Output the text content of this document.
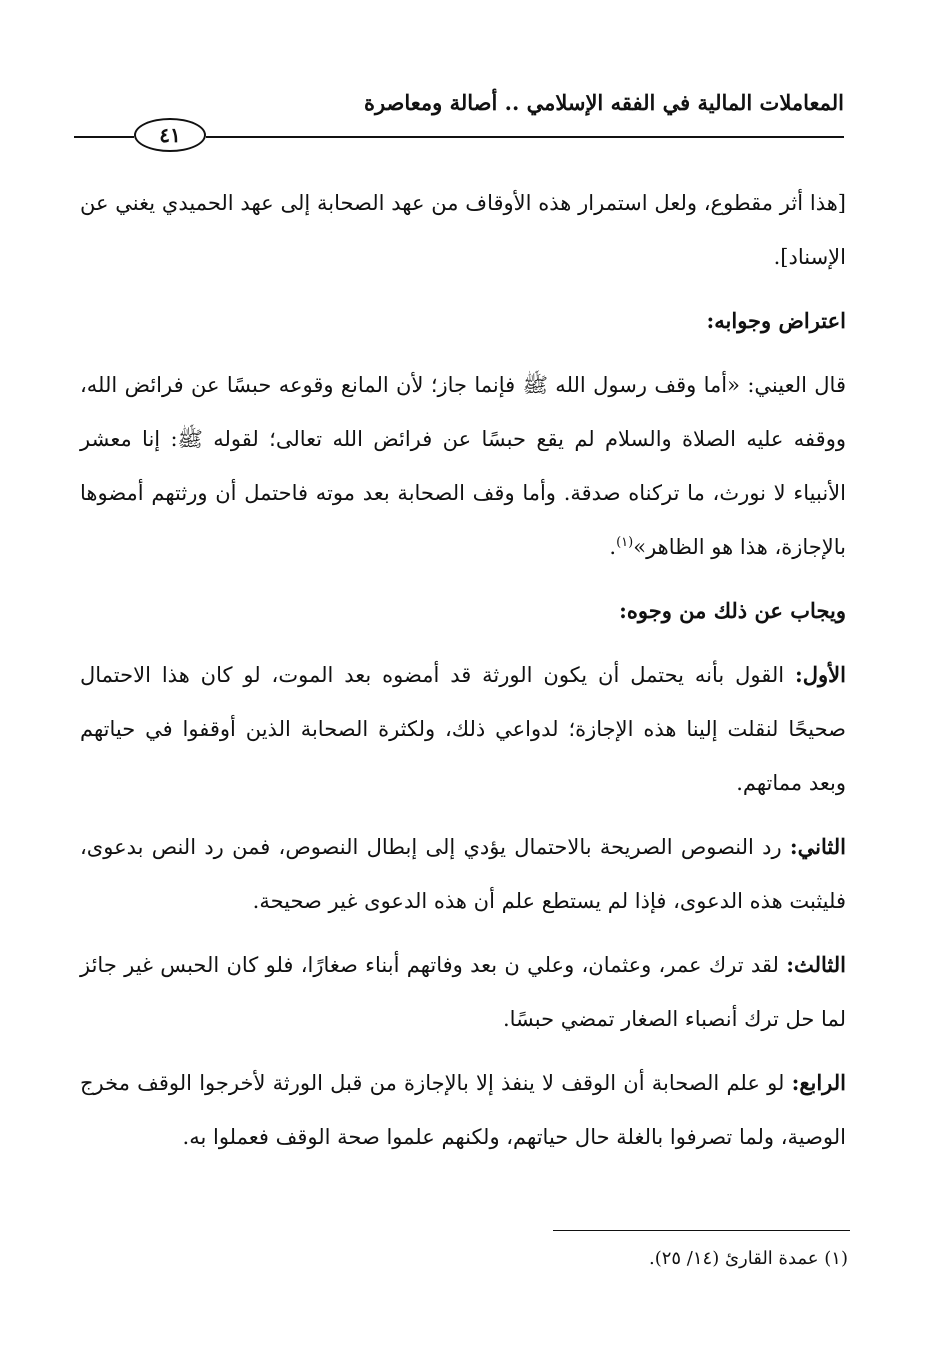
المعاملات المالية في الفقه الإسلامي .. أصالة ومعاصرة
٤١

[هذا أثر مقطوع، ولعل استمرار هذه الأوقاف من عهد الصحابة إلى عهد الحميدي يغني عن الإسناد].

اعتراض وجوابه:

قال العيني: «أما وقف رسول الله ﷺ فإنما جاز؛ لأن المانع وقوعه حبسًا عن فرائض الله، ووقفه عليه الصلاة والسلام لم يقع حبسًا عن فرائض الله تعالى؛ لقوله ﷺ: إنا معشر الأنبياء لا نورث، ما تركناه صدقة. وأما وقف الصحابة بعد موته فاحتمل أن ورثتهم أمضوها بالإجازة، هذا هو الظاهر»$^{(١)}$.

ويجاب عن ذلك من وجوه:

الأول: القول بأنه يحتمل أن يكون الورثة قد أمضوه بعد الموت، لو كان هذا الاحتمال صحيحًا لنقلت إلينا هذه الإجازة؛ لدواعي ذلك، ولكثرة الصحابة الذين أوقفوا في حياتهم وبعد مماتهم.

الثاني: رد النصوص الصريحة بالاحتمال يؤدي إلى إبطال النصوص، فمن رد النص بدعوى، فليثبت هذه الدعوى، فإذا لم يستطع علم أن هذه الدعوى غير صحيحة.

الثالث: لقد ترك عمر، وعثمان، وعلي ن بعد وفاتهم أبناء صغارًا، فلو كان الحبس غير جائز لما حل ترك أنصباء الصغار تمضي حبسًا.

الرابع: لو علم الصحابة أن الوقف لا ينفذ إلا بالإجازة من قبل الورثة لأخرجوا الوقف مخرج الوصية، ولما تصرفوا بالغلة حال حياتهم، ولكنهم علموا صحة الوقف فعملوا به.

(١) عمدة القارئ (١٤/ ٢٥).
